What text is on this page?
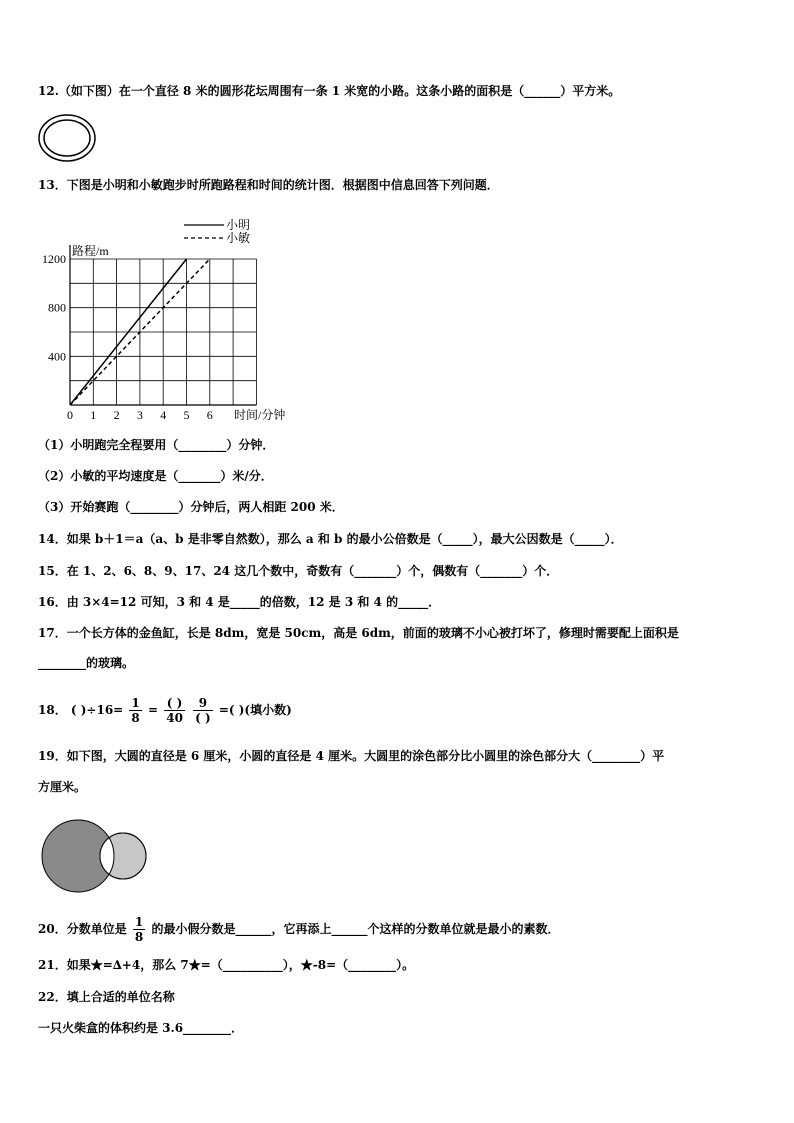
12.（如下图）在一个直径 8 米的圆形花坛周围有一条 1 米宽的小路。这条小路的面积是（______）平方米。
13．下图是小明和小敏跑步时所跑路程和时间的统计图．根据图中信息回答下列问题．
0 1 2 3 4 5 6
400
800
1200
小明
小敏
路程/m
时间/分钟
（1）小明跑完全程要用（________）分钟．
（2）小敏的平均速度是（_______）米/分．
（3）开始赛跑（________）分钟后，两人相距 200 米．
14．如果 b＋1＝a（a、b 是非零自然数），那么 a 和 b 的最小公倍数是（_____），最大公因数是（_____）．
15．在 1、2、6、8、9、17、24 这几个数中，奇数有（_______）个，偶数有（_______）个．
16．由 3×4=12 可知，3 和 4 是_____的倍数，12 是 3 和 4 的_____．
17．一个长方体的金鱼缸，长是 8dm，宽是 50cm，高是 6dm，前面的玻璃不小心被打坏了，修理时需要配上面积是
________的玻璃。
18． ( )$\div 16= \frac{1}{8} = \frac{( )}{40}$
$\frac{9}{( )}$ =( )(填小数)
19．如下图，大圆的直径是 6 厘米，小圆的直径是 4 厘米。大圆里的涂色部分比小圆里的涂色部分大（________）平
方厘米。
20．分数单位是 $\frac{1}{8}$ 的最小假分数是______，它再添上______个这样的分数单位就是最小的素数．
21．如果★=∆+4，那么 7★=（__________），★-8=（________）。
22．填上合适的单位名称
一只火柴盒的体积约是 3.6________．
